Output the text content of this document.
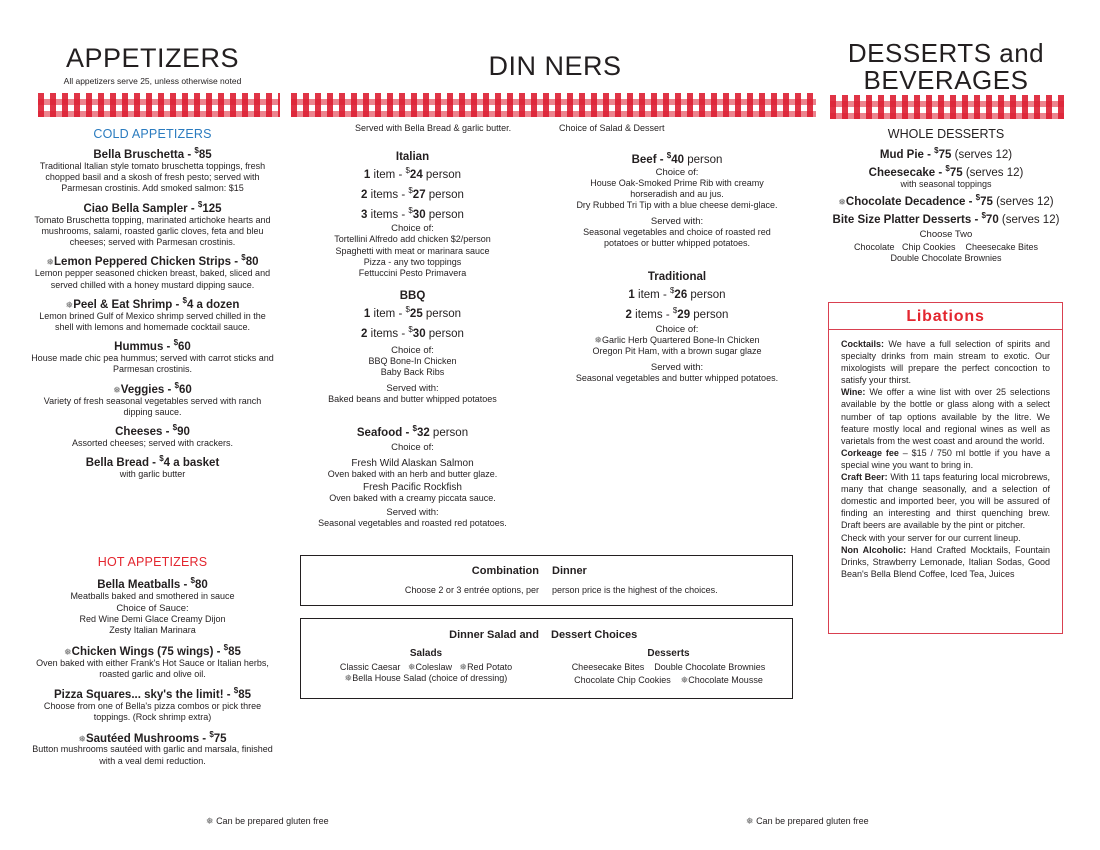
APPETIZERS
All appetizers serve 25, unless otherwise noted
COLD APPETIZERS
Bella Bruschetta - $85
Traditional Italian style tomato bruschetta toppings, fresh chopped basil and a skosh of fresh pesto; served with Parmesan crostinis. Add smoked salmon: $15
Ciao Bella Sampler - $125
Tomato Bruschetta topping, marinated artichoke hearts and mushrooms, salami, roasted garlic cloves, feta and bleu cheeses; served with Parmesan crostinis.
❅Lemon Peppered Chicken Strips - $80
Lemon pepper seasoned chicken breast, baked, sliced and served chilled with a honey mustard dipping sauce.
❅Peel & Eat Shrimp - $4 a dozen
Lemon brined Gulf of Mexico shrimp served chilled in the shell with lemons and homemade cocktail sauce.
Hummus - $60
House made chic pea hummus; served with carrot sticks and Parmesan crostinis.
❅Veggies - $60
Variety of fresh seasonal vegetables served with ranch dipping sauce.
Cheeses - $90
Assorted cheeses; served with crackers.
Bella Bread - $4 a basket
with garlic butter
HOT APPETIZERS
Bella Meatballs - $80
Meatballs baked and smothered in sauce
Choice of Sauce:
Red Wine Demi Glace Creamy Dijon
Zesty Italian Marinara
❅Chicken Wings (75 wings) - $85
Oven baked with either Frank's Hot Sauce or Italian herbs, roasted garlic and olive oil.
Pizza Squares... sky's the limit! - $85
Choose from one of Bella's pizza combos or pick three toppings. (Rock shrimp extra)
❅Sautéed Mushrooms - $75
Button mushrooms sautéed with garlic and marsala, finished with a veal demi reduction.
DIN NERS
Served with Bella Bread & garlic butter.	Choice of Salad & Dessert
Italian
1 item - $24 person
2 items - $27 person
3 items - $30 person
Choice of:
Tortellini Alfredo add chicken $2/person
Spaghetti with meat or marinara sauce
Pizza - any two toppings
Fettuccini Pesto Primavera
BBQ
1 item - $25 person
2 items - $30 person
Choice of:
BBQ Bone-In Chicken
Baby Back Ribs
Served with:
Baked beans and butter whipped potatoes
Seafood - $32 person
Choice of:
Fresh Wild Alaskan Salmon
Oven baked with an herb and butter glaze.
Fresh Pacific Rockfish
Oven baked with a creamy piccata sauce.
Served with:
Seasonal vegetables and roasted red potatoes.
Beef - $40 person
Choice of:
House Oak-Smoked Prime Rib with creamy
horseradish and au jus.
Dry Rubbed Tri Tip with a blue cheese demi-glace.
Served with:
Seasonal vegetables and choice of roasted red
potatoes or butter whipped potatoes.
Traditional
1 item - $26 person
2 items - $29 person
Choice of:
❅Garlic Herb Quartered Bone-In Chicken
Oregon Pit Ham, with a brown sugar glaze
Served with:
Seasonal vegetables and butter whipped potatoes.
Combination Dinner
Choose 2 or 3 entrée options, per person price is the highest of the choices.
Dinner Salad and Dessert Choices
Salads
Classic Caesar ❅Coleslaw ❅Red Potato
❅Bella House Salad (choice of dressing)
Desserts
Cheesecake Bites    Double Chocolate Brownies
Chocolate Chip Cookies ❅Chocolate Mousse
DESSERTS and
BEVERAGES
WHOLE DESSERTS
Mud Pie - $75 (serves 12)
Cheesecake - $75 (serves 12)
with seasonal toppings
❅Chocolate Decadence - $75 (serves 12)
Bite Size Platter Desserts - $70 (serves 12)
Choose Two
Chocolate   Chip Cookies    Cheesecake Bites
Double Chocolate Brownies
Libations
Cocktails: We have a full selection of spirits and specialty drinks from main stream to exotic. Our mixologists will prepare the perfect concoction to satisfy your thirst.
Wine: We offer a wine list with over 25 selections available by the bottle or glass along with a select number of tap options available by the litre. We feature mostly local and regional wines as well as varietals from the west coast and around the world.
Corkeage fee – $15 / 750 ml bottle if you have a special wine you want to bring in.
Craft Beer: With 11 taps featuring local microbrews, many that change seasonally, and a selection of domestic and imported beer, you will be assured of finding an interesting and thirst quenching brew. Draft beers are available by the pint or pitcher.
Check with your server for our current lineup.
Non Alcoholic: Hand Crafted Mocktails, Fountain Drinks, Strawberry Lemonade, Italian Sodas, Good Bean's Bella Blend Coffee, Iced Tea, Juices
❅ Can be prepared gluten free	❅ Can be prepared gluten free
